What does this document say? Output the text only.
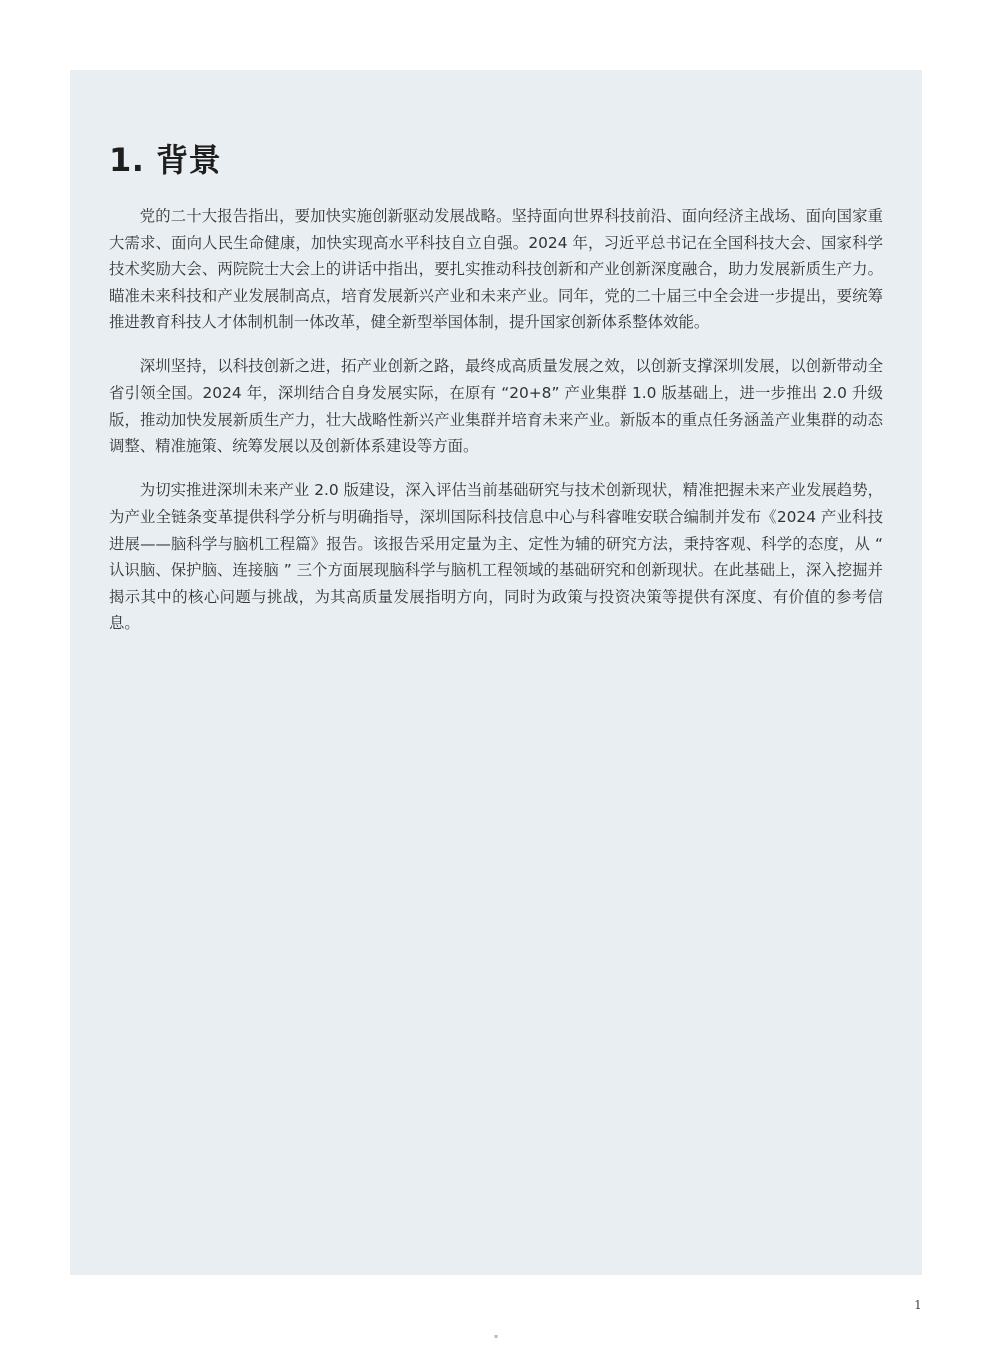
1. 背景

党的二十大报告指出，要加快实施创新驱动发展战略。坚持面向世界科技前沿、面向经济主战场、面向国家重大需求、面向人民生命健康，加快实现高水平科技自立自强。2024 年，习近平总书记在全国科技大会、国家科学技术奖励大会、两院院士大会上的讲话中指出，要扎实推动科技创新和产业创新深度融合，助力发展新质生产力。瞄准未来科技和产业发展制高点，培育发展新兴产业和未来产业。同年，党的二十届三中全会进一步提出，要统筹推进教育科技人才体制机制一体改革，健全新型举国体制，提升国家创新体系整体效能。

深圳坚持，以科技创新之进，拓产业创新之路，最终成高质量发展之效，以创新支撑深圳发展，以创新带动全省引领全国。2024 年，深圳结合自身发展实际，在原有 “20+8” 产业集群 1.0 版基础上，进一步推出 2.0 升级版，推动加快发展新质生产力，壮大战略性新兴产业集群并培育未来产业。新版本的重点任务涵盖产业集群的动态调整、精准施策、统筹发展以及创新体系建设等方面。

为切实推进深圳未来产业 2.0 版建设，深入评估当前基础研究与技术创新现状，精准把握未来产业发展趋势，为产业全链条变革提供科学分析与明确指导，深圳国际科技信息中心与科睿唯安联合编制并发布《2024 产业科技进展——脑科学与脑机工程篇》报告。该报告采用定量为主、定性为辅的研究方法，秉持客观、科学的态度，从 “ 认识脑、保护脑、连接脑 ” 三个方面展现脑科学与脑机工程领域的基础研究和创新现状。在此基础上，深入挖掘并揭示其中的核心问题与挑战，为其高质量发展指明方向，同时为政策与投资决策等提供有深度、有价值的参考信息。

1
▪
